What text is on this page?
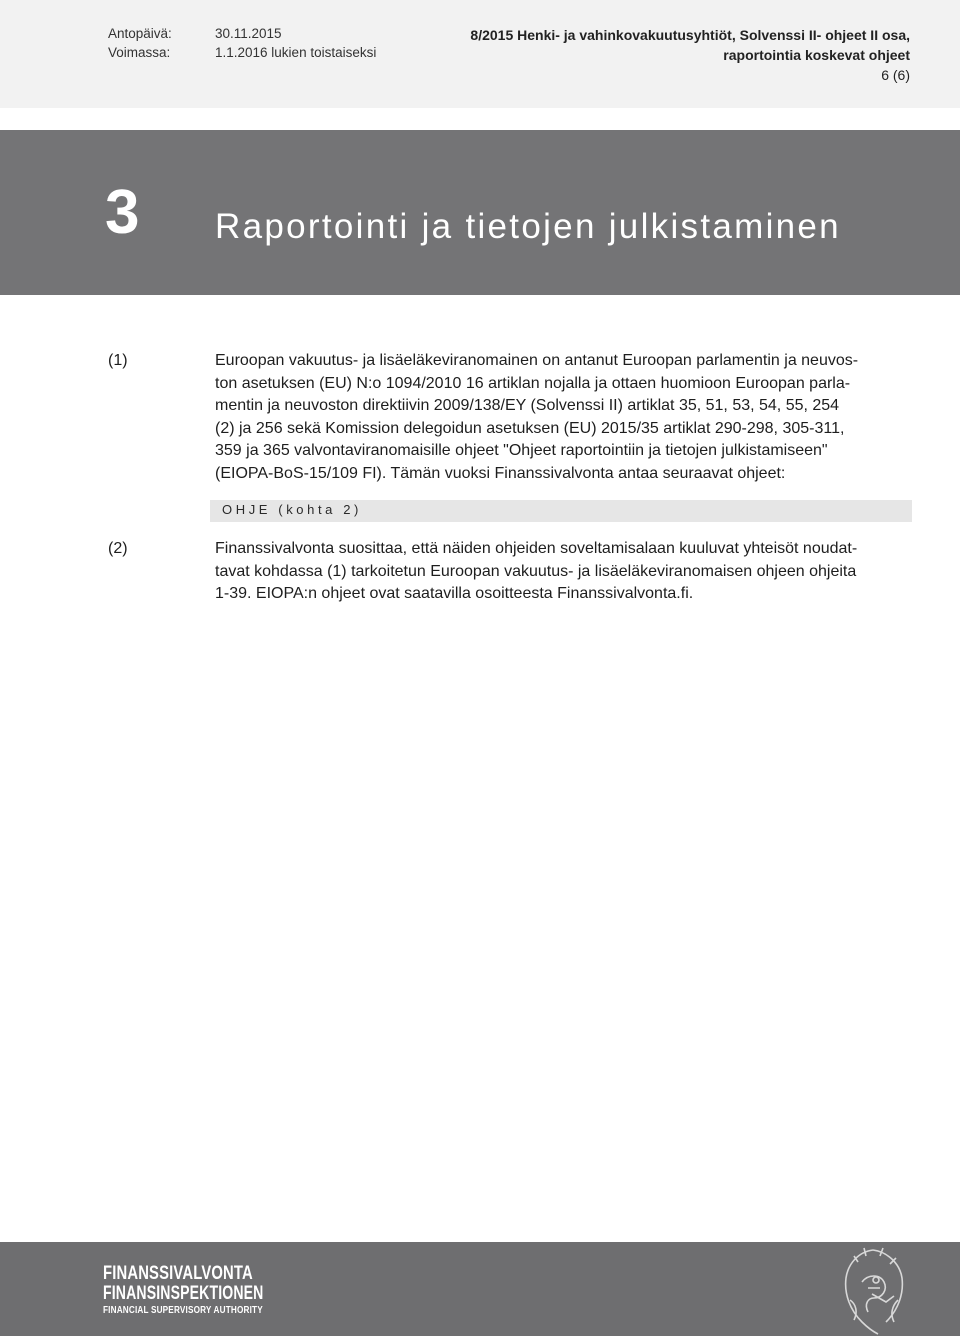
Antopäivä:	30.11.2015
Voimassa:	1.1.2016 lukien toistaiseksi
8/2015 Henki- ja vahinkovakuutusyhtiöt, Solvenssi II- ohjeet II osa,
raportointia koskevat ohjeet
6 (6)
3 Raportointi ja tietojen julkistaminen
(1)	Euroopan vakuutus- ja lisäeläkeviranomainen on antanut Euroopan parlamentin ja neuvos-
ton asetuksen (EU) N:o 1094/2010 16 artiklan nojalla ja ottaen huomioon Euroopan parla-
mentin ja neuvoston direktiivin 2009/138/EY (Solvenssi II) artiklat 35, 51, 53, 54, 55, 254
(2) ja 256 sekä Komission delegoidun asetuksen (EU) 2015/35 artiklat 290-298, 305-311,
359 ja 365 valvontaviranomaisille ohjeet "Ohjeet raportointiin ja tietojen julkistamiseen"
(EIOPA-BoS-15/109 FI). Tämän vuoksi Finanssivalvonta antaa seuraavat ohjeet:
OHJE (kohta 2)
(2)	Finanssivalvonta suosittaa, että näiden ohjeiden soveltamisalaan kuuluvat yhteisöt noudat-
tavat kohdassa (1) tarkoitetun Euroopan vakuutus- ja lisäeläkeviranomaisen ohjeen ohjeita
1-39. EIOPA:n ohjeet ovat saatavilla osoitteesta Finanssivalvonta.fi.
FINANSSIVALVONTA
FINANSINSPEKTIONEN
FINANCIAL SUPERVISORY AUTHORITY
